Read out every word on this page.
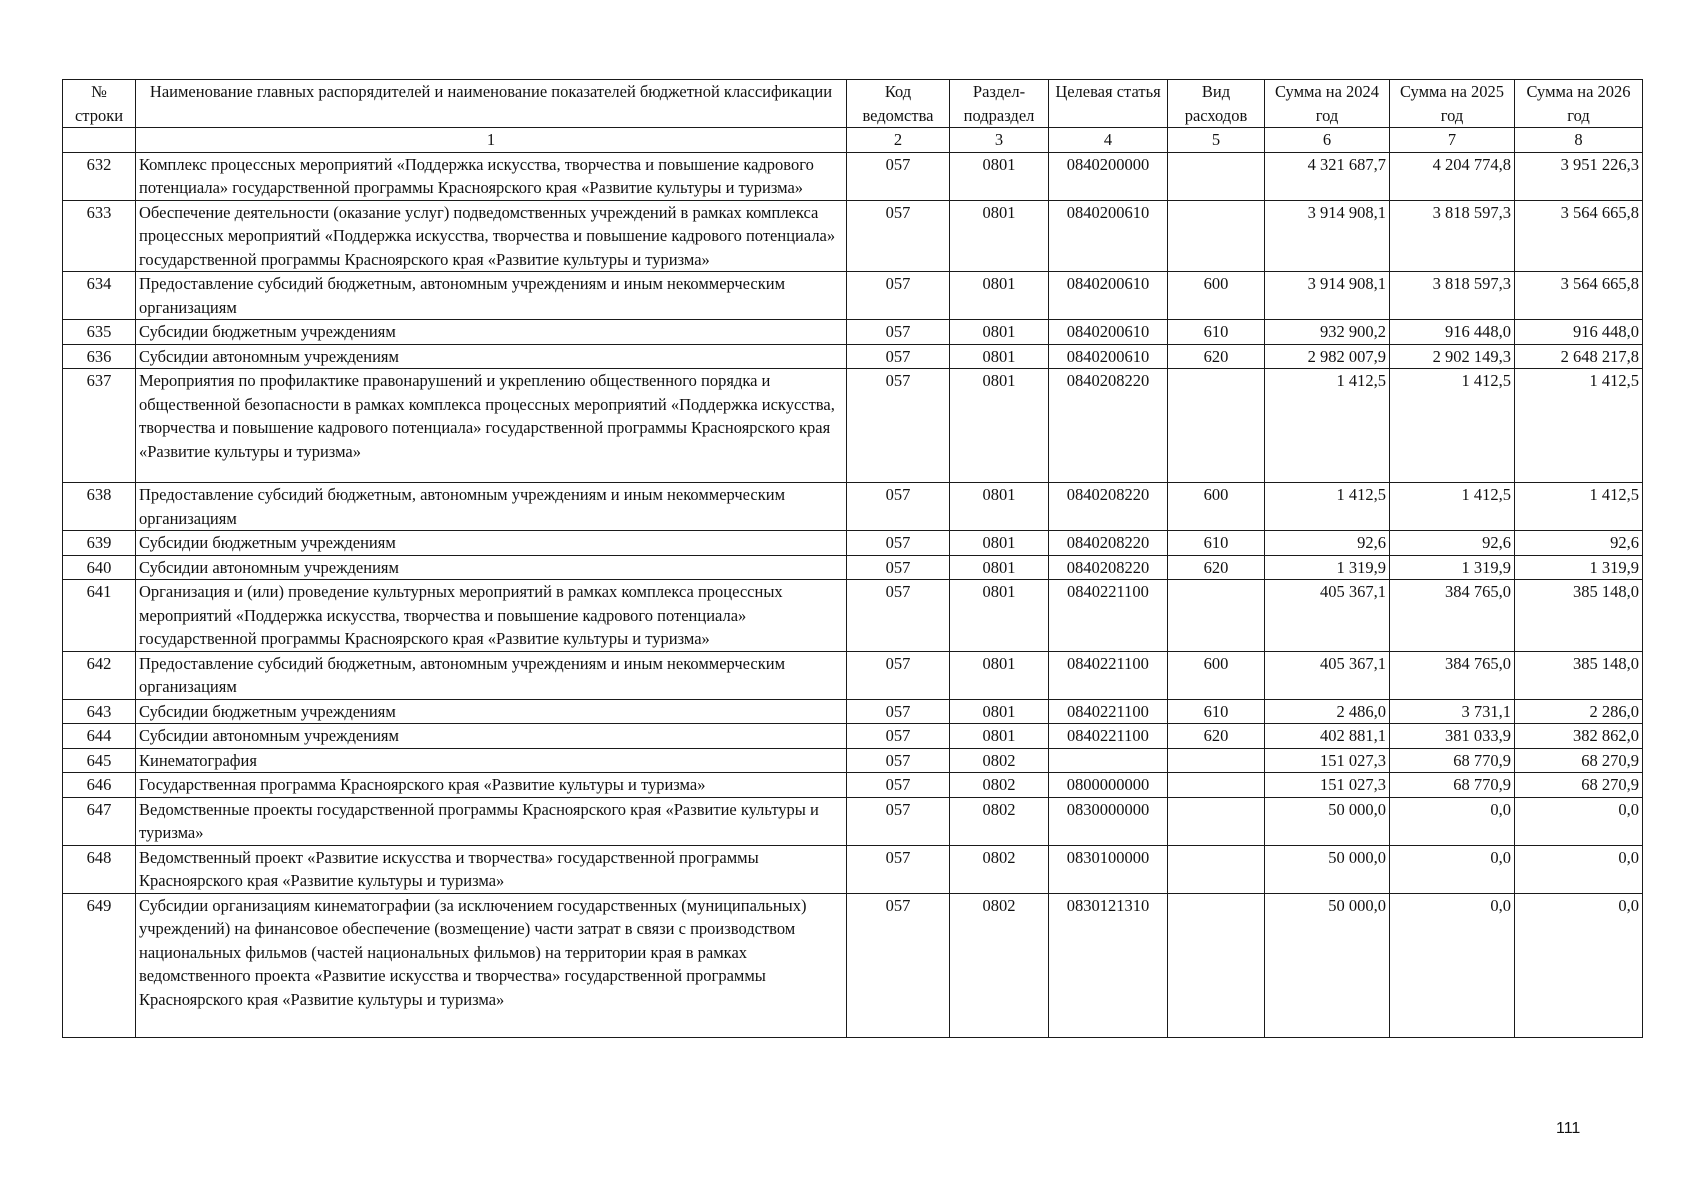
№ строки	Наименование главных распорядителей и наименование показателей бюджетной классификации	Код ведомства	Раздел-подраздел	Целевая статья	Вид расходов	Сумма на 2024 год	Сумма на 2025 год	Сумма на 2026 год
	1	2	3	4	5	6	7	8
632	Комплекс процессных мероприятий «Поддержка искусства, творчества и повышение кадрового потенциала» государственной программы Красноярского края «Развитие культуры и туризма»	057	0801	0840200000		4 321 687,7	4 204 774,8	3 951 226,3
633	Обеспечение деятельности (оказание услуг) подведомственных учреждений в рамках комплекса процессных мероприятий «Поддержка искусства, творчества и повышение кадрового потенциала» государственной программы Красноярского края «Развитие культуры и туризма»	057	0801	0840200610		3 914 908,1	3 818 597,3	3 564 665,8
634	Предоставление субсидий бюджетным, автономным учреждениям и иным некоммерческим организациям	057	0801	0840200610	600	3 914 908,1	3 818 597,3	3 564 665,8
635	Субсидии бюджетным учреждениям	057	0801	0840200610	610	932 900,2	916 448,0	916 448,0
636	Субсидии автономным учреждениям	057	0801	0840200610	620	2 982 007,9	2 902 149,3	2 648 217,8
637	Мероприятия по профилактике правонарушений и укреплению общественного порядка и общественной безопасности в рамках комплекса процессных мероприятий «Поддержка искусства, творчества и повышение кадрового потенциала» государственной программы Красноярского края «Развитие культуры и туризма»	057	0801	0840208220		1 412,5	1 412,5	1 412,5

638	Предоставление субсидий бюджетным, автономным учреждениям и иным некоммерческим организациям	057	0801	0840208220	600	1 412,5	1 412,5	1 412,5
639	Субсидии бюджетным учреждениям	057	0801	0840208220	610	92,6	92,6	92,6
640	Субсидии автономным учреждениям	057	0801	0840208220	620	1 319,9	1 319,9	1 319,9
641	Организация и (или) проведение культурных мероприятий в рамках комплекса процессных мероприятий «Поддержка искусства, творчества и повышение кадрового потенциала» государственной программы Красноярского края «Развитие культуры и туризма»	057	0801	0840221100		405 367,1	384 765,0	385 148,0
642	Предоставление субсидий бюджетным, автономным учреждениям и иным некоммерческим организациям	057	0801	0840221100	600	405 367,1	384 765,0	385 148,0
643	Субсидии бюджетным учреждениям	057	0801	0840221100	610	2 486,0	3 731,1	2 286,0
644	Субсидии автономным учреждениям	057	0801	0840221100	620	402 881,1	381 033,9	382 862,0
645	Кинематография	057	0802			151 027,3	68 770,9	68 270,9
646	Государственная программа Красноярского края «Развитие культуры и туризма»	057	0802	0800000000		151 027,3	68 770,9	68 270,9
647	Ведомственные проекты государственной программы Красноярского края «Развитие культуры и туризма»	057	0802	0830000000		50 000,0	0,0	0,0
648	Ведомственный проект «Развитие искусства и творчества» государственной программы Красноярского края «Развитие культуры и туризма»	057	0802	0830100000		50 000,0	0,0	0,0
649	Субсидии организациям кинематографии (за исключением государственных (муниципальных) учреждений) на финансовое обеспечение (возмещение) части затрат в связи с производством национальных фильмов (частей национальных фильмов) на территории края в рамках ведомственного проекта «Развитие искусства и творчества» государственной программы Красноярского края «Развитие культуры и туризма»	057	0802	0830121310		50 000,0	0,0	0,0

111
